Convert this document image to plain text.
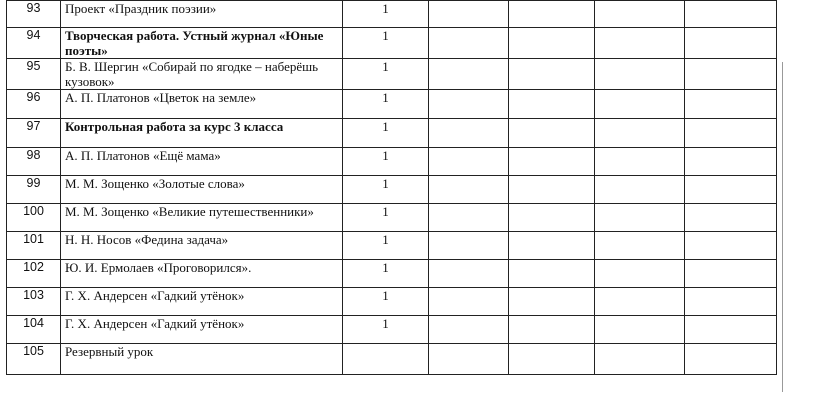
93	Проект «Праздник поэзии»	1				
94	Творческая работа. Устный журнал «Юные поэты»	1				
95	Б. В. Шергин «Собирай по ягодке – наберёшь кузовок»	1				
96	А. П. Платонов «Цветок на земле»	1				
97	Контрольная работа за курс 3 класса	1				
98	А. П. Платонов «Ещё мама»	1				
99	М. М. Зощенко «Золотые слова»	1				
100	М. М. Зощенко «Великие путешественники»	1				
101	Н. Н. Носов «Федина задача»	1				
102	Ю. И. Ермолаев «Проговорился».	1				
103	Г. Х. Андерсен «Гадкий утёнок»	1				
104	Г. Х. Андерсен «Гадкий утёнок»	1				
105	Резервный урок					
